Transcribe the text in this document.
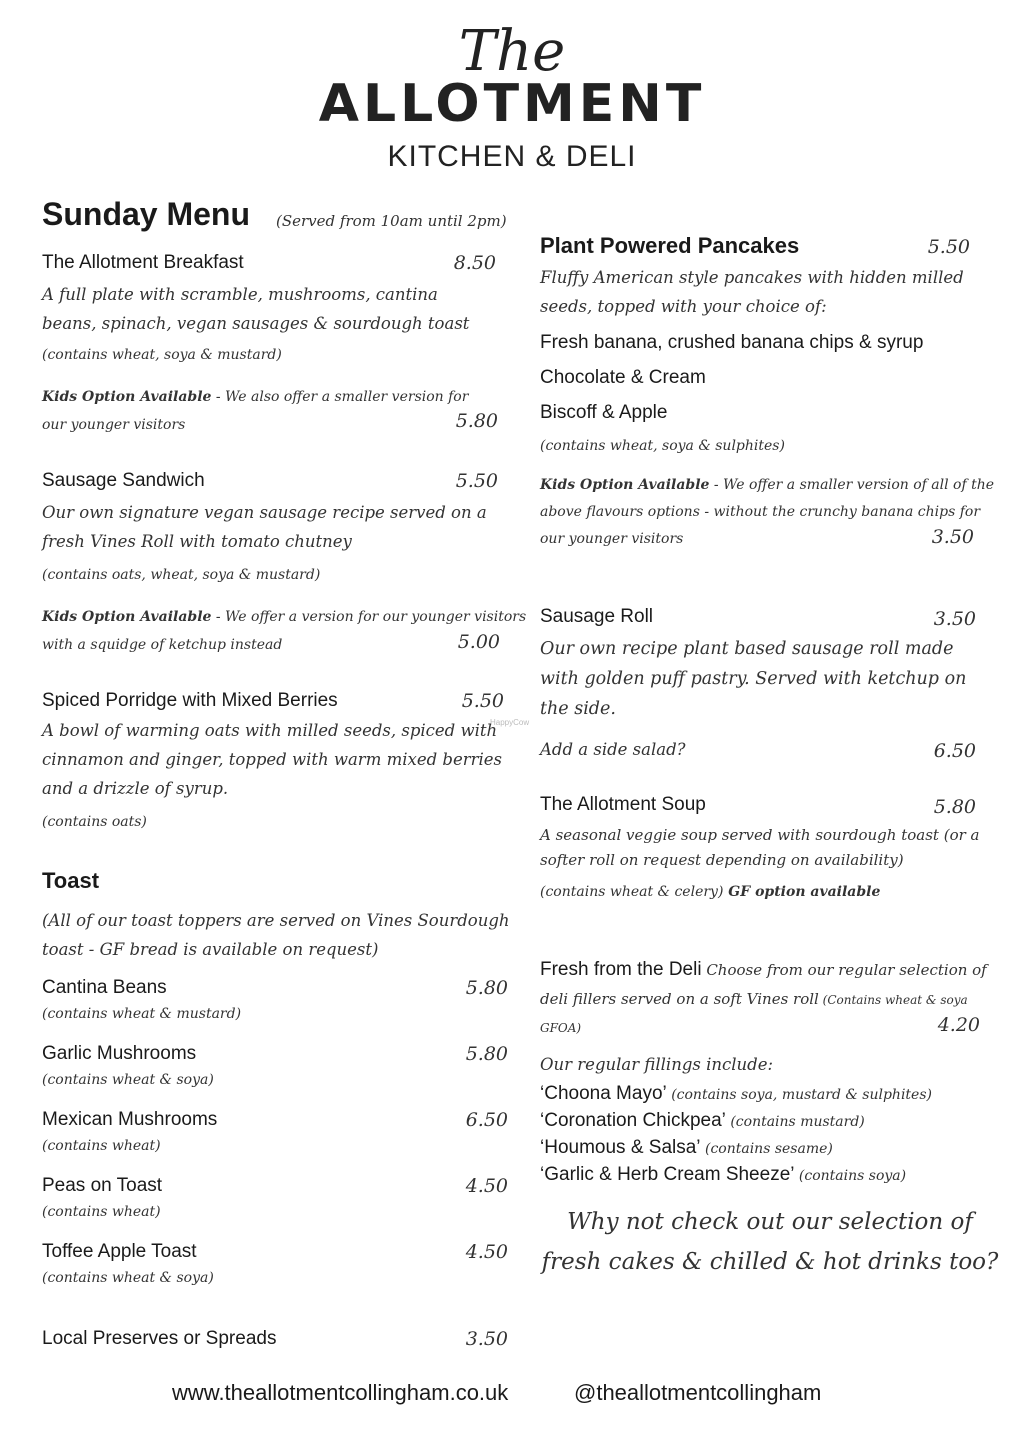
The
ALLOTMENT
KITCHEN & DELI
Sunday Menu (Served from 10am until 2pm)
The Allotment Breakfast	8.50
A full plate with scramble, mushrooms, cantina beans, spinach, vegan sausages & sourdough toast
(contains wheat, soya & mustard)
Kids Option Available - We also offer a smaller version for our younger visitors	5.80
Sausage Sandwich	5.50
Our own signature vegan sausage recipe served on a fresh Vines Roll with tomato chutney
(contains oats, wheat, soya & mustard)
Kids Option Available - We offer a version for our younger visitors with a squidge of ketchup instead	5.00
Spiced Porridge with Mixed Berries	5.50
HappyCow
A bowl of warming oats with milled seeds, spiced with cinnamon and ginger, topped with warm mixed berries and a drizzle of syrup.
(contains oats)
Toast
(All of our toast toppers are served on Vines Sourdough toast - GF bread is available on request)
Cantina Beans	5.80
(contains wheat & mustard)
Garlic Mushrooms	5.80
(contains wheat & soya)
Mexican Mushrooms	6.50
(contains wheat)
Peas on Toast	4.50
(contains wheat)
Toffee Apple Toast	4.50
(contains wheat & soya)
Local Preserves or Spreads	3.50
Plant Powered Pancakes	5.50
Fluffy American style pancakes with hidden milled seeds, topped with your choice of:
Fresh banana, crushed banana chips & syrup
Chocolate & Cream
Biscoff & Apple
(contains wheat, soya & sulphites)
Kids Option Available - We offer a smaller version of all of the above flavours options - without the crunchy banana chips for our younger visitors	3.50
Sausage Roll	3.50
Our own recipe plant based sausage roll made with golden puff pastry. Served with ketchup on the side.
Add a side salad?	6.50
The Allotment Soup	5.80
A seasonal veggie soup served with sourdough toast (or a softer roll on request depending on availability)
(contains wheat & celery) GF option available
Fresh from the Deli Choose from our regular selection of deli fillers served on a soft Vines roll (Contains wheat & soya GFOA)	4.20
Our regular fillings include:
‘Choona Mayo’ (contains soya, mustard & sulphites)
‘Coronation Chickpea’ (contains mustard)
‘Houmous & Salsa’ (contains sesame)
‘Garlic & Herb Cream Sheeze’ (contains soya)
Why not check out our selection of fresh cakes & chilled & hot drinks too?
www.theallotmentcollingham.co.uk	@theallotmentcollingham
